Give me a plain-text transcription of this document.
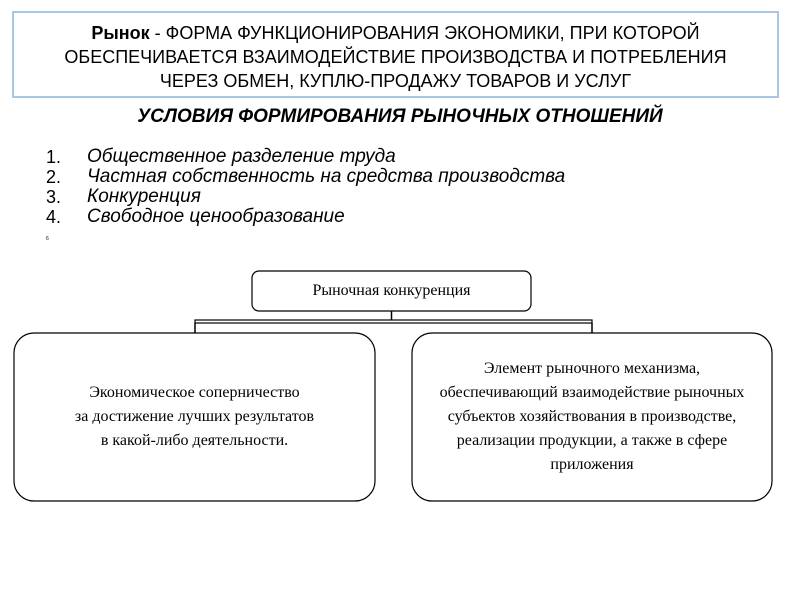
Рынок - ФОРМА ФУНКЦИОНИРОВАНИЯ ЭКОНОМИКИ, ПРИ КОТОРОЙ
ОБЕСПЕЧИВАЕТСЯ ВЗАИМОДЕЙСТВИЕ ПРОИЗВОДСТВА И ПОТРЕБЛЕНИЯ
ЧЕРЕЗ ОБМЕН, КУПЛЮ-ПРОДАЖУ ТОВАРОВ И УСЛУГ
УСЛОВИЯ ФОРМИРОВАНИЯ РЫНОЧНЫХ ОТНОШЕНИЙ
1.	Общественное разделение труда
2.	Частная собственность на средства производства
3.	Конкуренция
4.	Свободное ценообразование
6
Рыночная конкуренция
Экономическое соперничество
за достижение лучших результатов
в какой-либо деятельности.
Элемент рыночного механизма,
обеспечивающий взаимодействие рыночных
субъектов хозяйствования в производстве,
реализации продукции, а также в сфере
приложения
